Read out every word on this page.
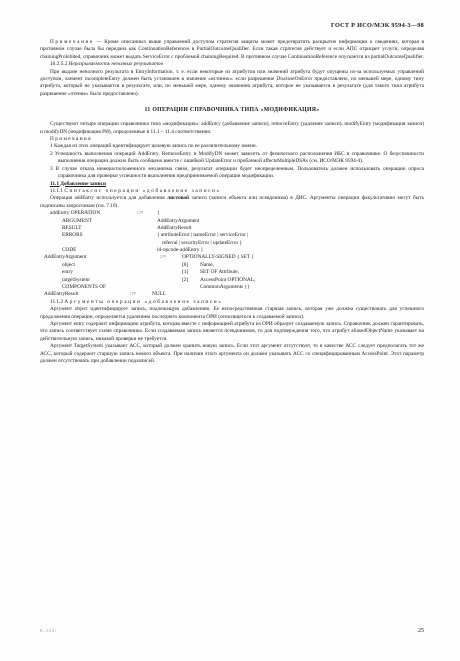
ГОСТ Р ИСО/МЭК 9594-3—98

Примечание — Кроме описанных выше управлений доступом стратегия защиты может предотвратить раскрытие информации о сведениях, которая в противном случае была бы передана как ContinuationReferences в PartialOutcomeQualifier. Если такая стратегия действует и если АПС отрицает услуги, определяя chainingProhibited, справочник может выдать ServiceError с проблемой chainingRequired. В противном случае ContinuationReference опускается из partialOutcomeQualifier.

10.2.5.2 Неразрываемость неполных результатов

При выдаче неполного результата в EntryInformation, т. е. если некоторые из атрибутов или значений атрибута будут опущены из-за используемых управлений доступом, элемент incompleteEntry должен быть установлен в значение «истинно». если разрешение DiscloseOnError предоставлено, по меньшей мере, одному типу атрибута, который не указывается в результате, или, по меньшей мере, одному значению атрибута, которое не указывается в результате (для такого типа атрибута разрешение «чтение» было предоставлено).

11 ОПЕРАЦИИ СПРАВОЧНИКА ТИПА «МОДИФИКАЦИЯ»

Существуют четыре операции справочника типа «модификация»: addEntry (добавление записи), removeEntry (удаление записи), modifyEntry (модификация записи) и modifyDN (модификация РИ), определенные в 11.1 – 11.4 соответственно.

Примечания

1 Каждая из этих операций идентифицирует целевую запись по ее различительному имени.

2 Успешность выполнения операций AddEntry, RemoveEntry и ModifyDN может зависеть от физического расположения ИБС в справочнике. О безуспешности выполнения операции должно быть сообщено вместе с ошибкой UpdateError и проблемой affectsMultipleDSAs (см. ИСО/МЭК 9594-4).

3 В случае отказа нижерасположенного механизма связи, результат операции будет неопределенным. Пользователь должен использовать операцию опроса справочника для проверки успешности выполнения предпринимаемой операции модификации.

11.1 Добавление записи

11.1.1 Синтаксис операции «добавление записи»

Операция addEntry используется для добавления листовой записи (записи объекта или псевдонима) в ДИС. Аргументы операции факультативно могут быть подписаны запросчиком (см. 7.10).

addEntry OPERATION	::=	{
ARGUMENT	AddEntryArgument
RESULT	AddEntryResult
ERRORS	{ attributeError | nameError | serviceError |
referral | securityError | updateError }
CODE	id-opcode-addEntry }
AddEntryArgument	::=	OPTIONALLY-SIGNED { SET {
object	[0] Name,
entry	[1] SET OF Attribute,
targetSystem	[2] AccessPoint OPTIONAL,
COMPONENTS OF	CommonArguments }}
AddEntryResult	::=	NULL

11.1.2 Аргументы операции «добавление записи»

Аргумент object идентифицирует запись, подлежащую добавлению. Ее непосредственная старшая запись, которая уже должна существовать для успешного продолжения операции, определяется удалением последнего компонента ОРИ (относящегося к создаваемой записи).

Аргумент entry содержит информацию атрибута, которая вместе с информацией атрибута из ОРИ образует создаваемую запись. Справочник должен гарантировать, что запись соответствует схеме справочника. Если создаваемая запись является псевдонимом, то для подтверждения того, что атрибут aliasedObjectName указывает на действительную запись, никакой проверки не требуется.

Аргумент TargetSystem указывает АСС, который должен хранить новую запись. Если этот аргумент отсутствует, то в качестве АСС следует предполагать тот же АСС, который содержит старшую запись нового объекта. При наличии этого аргумента он должен указывать АСС со специфицированным AccessPoint. Этот параметр должен отсутствовать при добавлении подзаписей.

8 – 1 2 3 /	25
